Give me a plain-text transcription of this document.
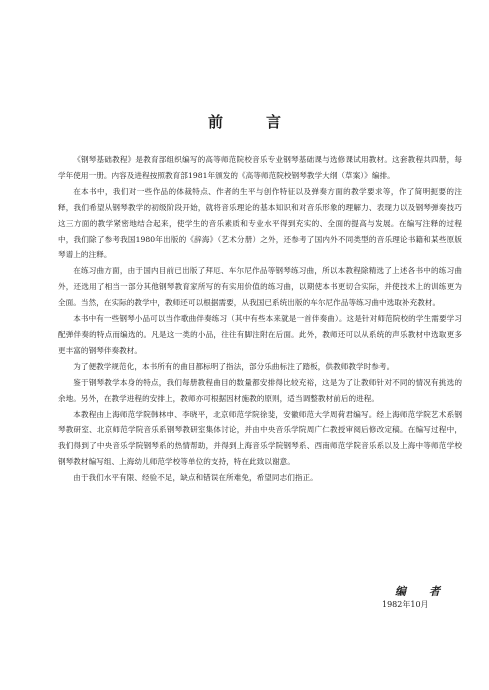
前　言

《钢琴基础教程》是教育部组织编写的高等师范院校音乐专业钢琴基础课与选修课试用教材。这套教程共四册，每学年使用一册。内容及进程按照教育部1981年颁发的《高等师范院校钢琴教学大纲（草案）》编排。

在本书中，我们对一些作品的体裁特点、作者的生平与创作特征以及弹奏方面的教学要求等，作了简明扼要的注释，我们希望从钢琴教学的初级阶段开始，就将音乐理论的基本知识和对音乐形象的理解力、表现力以及钢琴弹奏技巧这三方面的教学紧密地结合起来，使学生的音乐素质和专业水平得到充实的、全面的提高与发展。在编写注释的过程中，我们除了参考我国1980年出版的《辞海》（艺术分册）之外，还参考了国内外不同类型的音乐理论书籍和某些原版琴谱上的注释。

在练习曲方面，由于国内目前已出版了拜厄、车尔尼作品等钢琴练习曲，所以本教程除精选了上述各书中的练习曲外，还选用了相当一部分其他钢琴教育家所写的有实用价值的练习曲，以期使本书更切合实际，并使技术上的训练更为全面。当然，在实际的教学中，教师还可以根据需要，从我国已系统出版的车尔尼作品等练习曲中选取补充教材。

本书中有一些钢琴小品可以当作歌曲伴奏练习（其中有些本来就是一首伴奏曲）。这是针对师范院校的学生需要学习配弹伴奏的特点而编选的。凡是这一类的小品，往往有脚注附在后面。此外，教师还可以从系统的声乐教材中选取更多更丰富的钢琴伴奏教材。

为了便教学规范化，本书所有的曲目都标明了指法，部分乐曲标注了踏板，供教师教学时参考。

鉴于钢琴教学本身的特点，我们每册教程曲目的数量都安排得比较充裕，这是为了让教师针对不同的情况有挑选的余地。另外，在教学进程的安排上，教师亦可根据因材施教的原则，适当调整教材前后的进程。

本教程由上海师范学院韩林申、李晓平，北京师范学院徐斐，安徽师范大学周荷君编写。经上海师范学院艺术系钢琴教研室、北京师范学院音乐系钢琴教研室集体讨论，并由中央音乐学院周广仁教授审阅后修改定稿。在编写过程中，我们得到了中央音乐学院钢琴系的热情帮助，并得到上海音乐学院钢琴系、西南师范学院音乐系以及上海中等师范学校钢琴教材编写组、上海幼儿师范学校等单位的支持，特在此致以谢意。

由于我们水平有限、经验不足，缺点和错误在所难免，希望同志们指正。

编　者
1982年10月
